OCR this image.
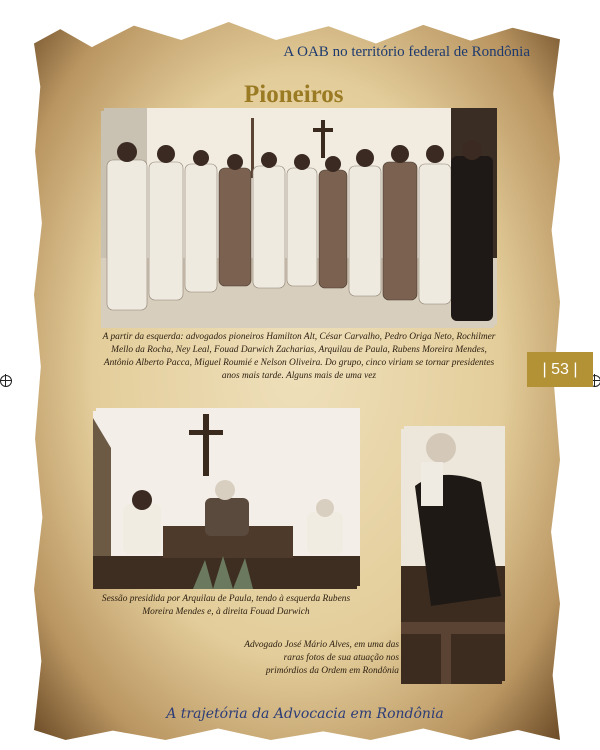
A OAB no território federal de Rondônia
Pioneiros
A partir da esquerda: advogados pioneiros Hamilton Alt, César Carvalho, Pedro Origa Neto, Rochilmer Mello da Rocha, Ney Leal, Fouad Darwich Zacharias, Arquilau de Paula, Rubens Moreira Mendes, Antônio Alberto Pacca, Miguel Roumié e Nelson Oliveira. Do grupo, cinco viriam se tornar presidentes anos mais tarde. Alguns mais de uma vez	| 53 |
Sessão presidida por Arquilau de Paula, tendo à esquerda Rubens Moreira Mendes e, à direita Fouad Darwich
Advogado José Mário Alves, em uma das raras fotos de sua atuação nos primórdios da Ordem em Rondônia
A trajetória da Advocacia em Rondônia
